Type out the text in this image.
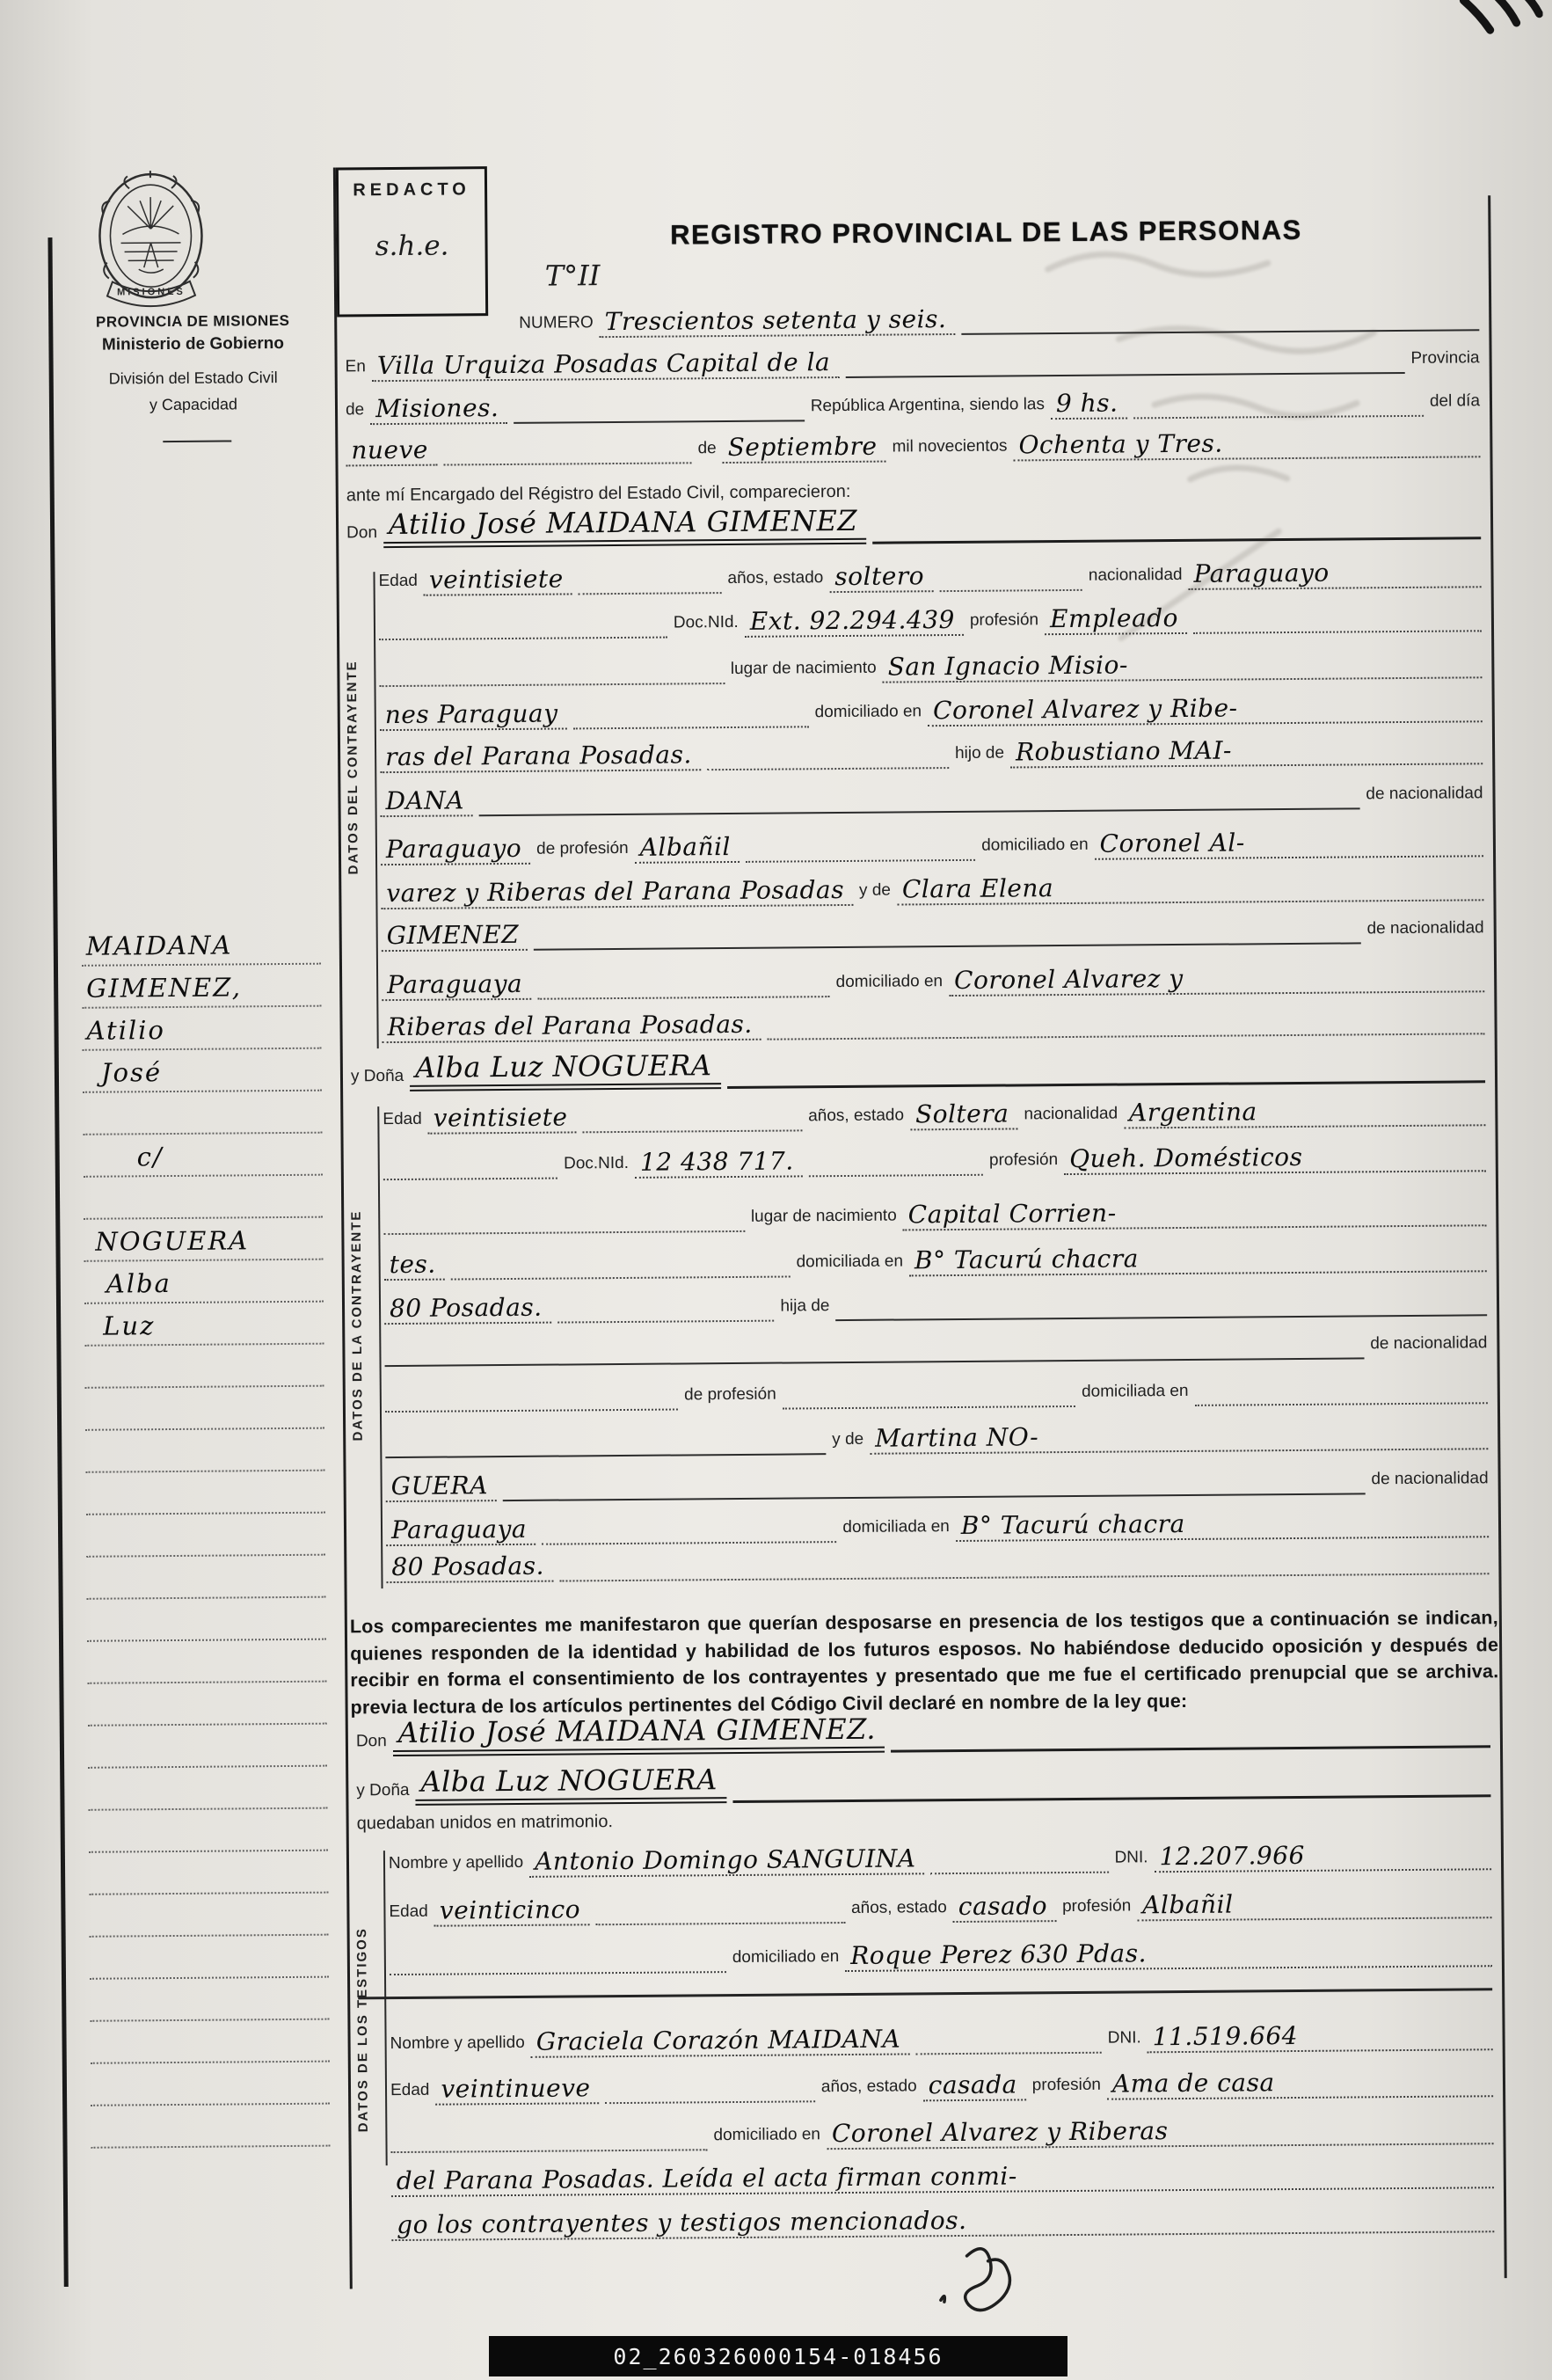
MISIONES
PROVINCIA DE MISIONES
Ministerio de Gobierno
División del Estado Civil
y Capacidad
MAIDANA
GIMENEZ,
Atilio
José
c/
NOGUERA
Alba
Luz
REDACTO
s.h.e.	REGISTRO PROVINCIAL DE LAS PERSONAS
T°II
NUMERO Trescientos setenta y seis.
En Villa Urquiza Posadas Capital de la	Provincia
de Misiones.	República Argentina, siendo las 9 hs.	del día
nueve	de Septiembre mil novecientos Ochenta y Tres.
ante mí Encargado del Régistro del Estado Civil, comparecieron:
Don Atilio José MAIDANA GIMENEZ
DATOS DEL CONTRAYENTE
Edad veintisiete	años, estado soltero	nacionalidad Paraguayo
Doc.NId. Ext. 92.294.439 profesión Empleado
lugar de nacimiento San Ignacio Misio-
nes Paraguay	domiciliado en Coronel Alvarez y Ribe-
ras del Parana Posadas.	hijo de Robustiano MAI-
DANA	de nacionalidad
Paraguayo de profesión Albañil	domiciliado en Coronel Al-
varez y Riberas del Parana Posadas y de Clara Elena
GIMENEZ	de nacionalidad
Paraguaya	domiciliado en Coronel Alvarez y
Riberas del Parana Posadas.
y Doña Alba Luz NOGUERA
DATOS DE LA CONTRAYENTE
Edad veintisiete	años, estado Soltera nacionalidad Argentina
Doc.NId. 12 438 717.	profesión Queh. Domésticos
lugar de nacimiento Capital Corrien-
tes.	domiciliada en B° Tacurú chacra
80 Posadas.	hija de
de nacionalidad
de profesión	domiciliada en
y de Martina NO-
GUERA	de nacionalidad
Paraguaya	domiciliada en B° Tacurú chacra
80 Posadas.
Los comparecientes me manifestaron que querían desposarse en presencia de los testigos que a continuación se indican, quienes responden de la identidad y habilidad de los futuros esposos. No habiéndose deducido oposición y después de recibir en forma el consentimiento de los contrayentes y presentado que me fue el certificado prenupcial que se archiva. previa lectura de los artículos pertinentes del Código Civil declaré en nombre de la ley que:
Don Atilio José MAIDANA GIMENEZ.
y Doña Alba Luz NOGUERA
quedaban unidos en matrimonio.
DATOS DE LOS TESTIGOS
Nombre y apellido Antonio Domingo SANGUINA	DNI. 12.207.966
Edad veinticinco	años, estado casado profesión Albañil
domiciliado en Roque Perez 630 Pdas.
Nombre y apellido Graciela Corazón MAIDANA	DNI. 11.519.664
Edad veintinueve	años, estado casada profesión Ama de casa
domiciliado en Coronel Alvarez y Riberas
del Parana Posadas. Leída el acta firman conmi-
go los contrayentes y testigos mencionados.
02_260326000154-018456
